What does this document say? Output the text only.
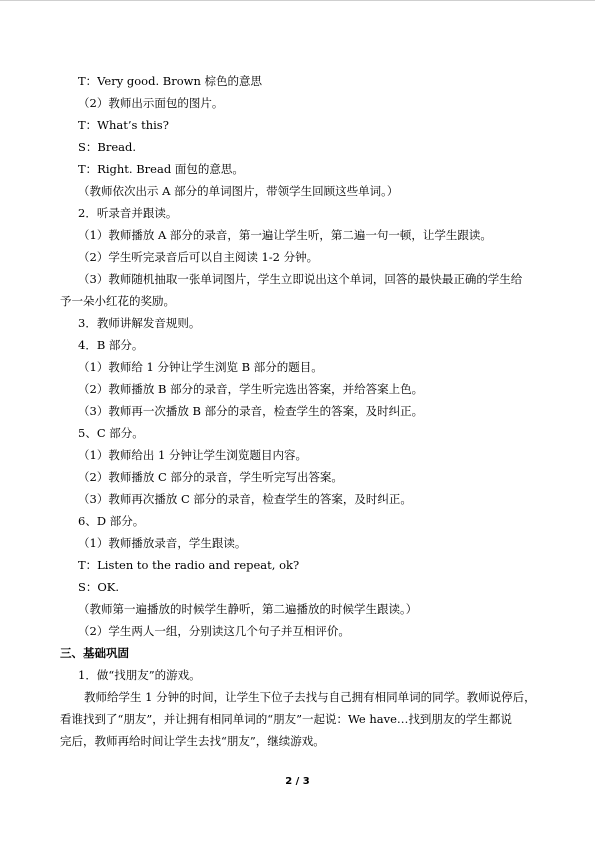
T：Very good. Brown 棕色的意思
（2）教师出示面包的图片。
T：What’s this?
S：Bread.
T：Right. Bread 面包的意思。
（教师依次出示 A 部分的单词图片，带领学生回顾这些单词。）
2．听录音并跟读。
（1）教师播放 A 部分的录音，第一遍让学生听，第二遍一句一顿，让学生跟读。
（2）学生听完录音后可以自主阅读 1-2 分钟。
（3）教师随机抽取一张单词图片，学生立即说出这个单词，回答的最快最正确的学生给
予一朵小红花的奖励。
3．教师讲解发音规则。
4．B 部分。
（1）教师给 1 分钟让学生浏览 B 部分的题目。
（2）教师播放 B 部分的录音，学生听完选出答案，并给答案上色。
（3）教师再一次播放 B 部分的录音，检查学生的答案，及时纠正。
5、C 部分。
（1）教师给出 1 分钟让学生浏览题目内容。
（2）教师播放 C 部分的录音，学生听完写出答案。
（3）教师再次播放 C 部分的录音，检查学生的答案，及时纠正。
6、D 部分。
（1）教师播放录音，学生跟读。
T：Listen to the radio and repeat, ok?
S：OK.
（教师第一遍播放的时候学生静听，第二遍播放的时候学生跟读。）
（2）学生两人一组，分别读这几个句子并互相评价。
三、基础巩固
1．做“找朋友”的游戏。
教师给学生 1 分钟的时间，让学生下位子去找与自己拥有相同单词的同学。教师说停后，
看谁找到了“朋友”，并让拥有相同单词的“朋友”一起说：We have…找到朋友的学生都说
完后，教师再给时间让学生去找“朋友”，继续游戏。
2 / 3
